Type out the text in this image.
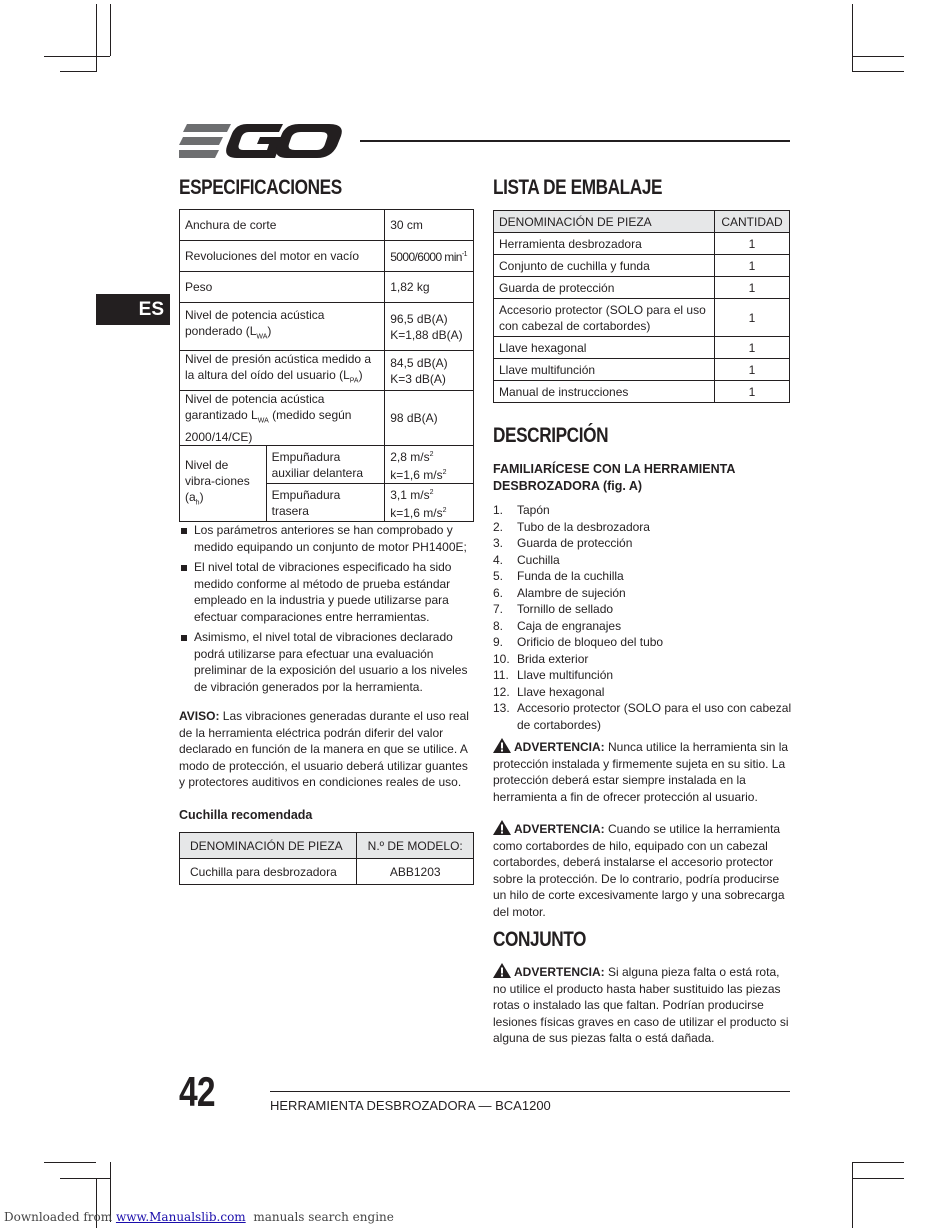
ES
ESPECIFICACIONES
Anchura de corte		30 cm
Revoluciones del motor en vacío		5000/6000 $\min^{-1}$
Peso		1,82 kg
Nivel de potencia acústica ponderado $(L_{WA})$		96,5 dB(A)
K=1,88 dB(A)
Nivel de presión acústica medido a la altura del oído del usuario $(L_{PA})$		84,5 dB(A)
K=3 dB(A)
Nivel de potencia acústica garantizado $L_{WA}$ (medido según 2000/14/CE)		98 dB(A)
Nivel de vibra-ciones $(a_h)$	Empuñadura auxiliar delantera	2,8 $m/s^2$
k=1,6 $m/s^2$
	Empuñadura trasera	3,1 $m/s^2$
k=1,6 $m/s^2$
Los parámetros anteriores se han comprobado y medido equipando un conjunto de motor PH1400E;
El nivel total de vibraciones especificado ha sido medido conforme al método de prueba estándar empleado en la industria y puede utilizarse para efectuar comparaciones entre herramientas.
Asimismo, el nivel total de vibraciones declarado podrá utilizarse para efectuar una evaluación preliminar de la exposición del usuario a los niveles de vibración generados por la herramienta.

AVISO: Las vibraciones generadas durante el uso real de la herramienta eléctrica podrán diferir del valor declarado en función de la manera en que se utilice. A modo de protección, el usuario deberá utilizar guantes y protectores auditivos en condiciones reales de uso.

Cuchilla recomendada
DENOMINACIÓN DE PIEZA	N.º DE MODELO:
Cuchilla para desbrozadora	ABB1203
LISTA DE EMBALAJE
DENOMINACIÓN DE PIEZA	CANTIDAD
Herramienta desbrozadora	1
Conjunto de cuchilla y funda	1
Guarda de protección	1
Accesorio protector (SOLO para el uso con cabezal de cortabordes)	1
Llave hexagonal	1
Llave multifunción	1
Manual de instrucciones	1
DESCRIPCIÓN
FAMILIARÍCESE CON LA HERRAMIENTA DESBROZADORA (fig. A)
1.	Tapón
2.	Tubo de la desbrozadora
3.	Guarda de protección
4.	Cuchilla
5.	Funda de la cuchilla
6.	Alambre de sujeción
7.	Tornillo de sellado
8.	Caja de engranajes
9.	Orificio de bloqueo del tubo
10. Brida exterior
11. Llave multifunción
12. Llave hexagonal
13. Accesorio protector (SOLO para el uso con cabezal de cortabordes)

ADVERTENCIA: Nunca utilice la herramienta sin la protección instalada y firmemente sujeta en su sitio. La protección deberá estar siempre instalada en la herramienta a fin de ofrecer protección al usuario.

ADVERTENCIA: Cuando se utilice la herramienta como cortabordes de hilo, equipado con un cabezal cortabordes, deberá instalarse el accesorio protector sobre la protección. De lo contrario, podría producirse un hilo de corte excesivamente largo y una sobrecarga del motor.

CONJUNTO

ADVERTENCIA: Si alguna pieza falta o está rota, no utilice el producto hasta haber sustituido las piezas rotas o instalado las que faltan. Podrían producirse lesiones físicas graves en caso de utilizar el producto si alguna de sus piezas falta o está dañada.

42	HERRAMIENTA DESBROZADORA — BCA1200
Downloaded from www.Manualslib.com  manuals search engine
